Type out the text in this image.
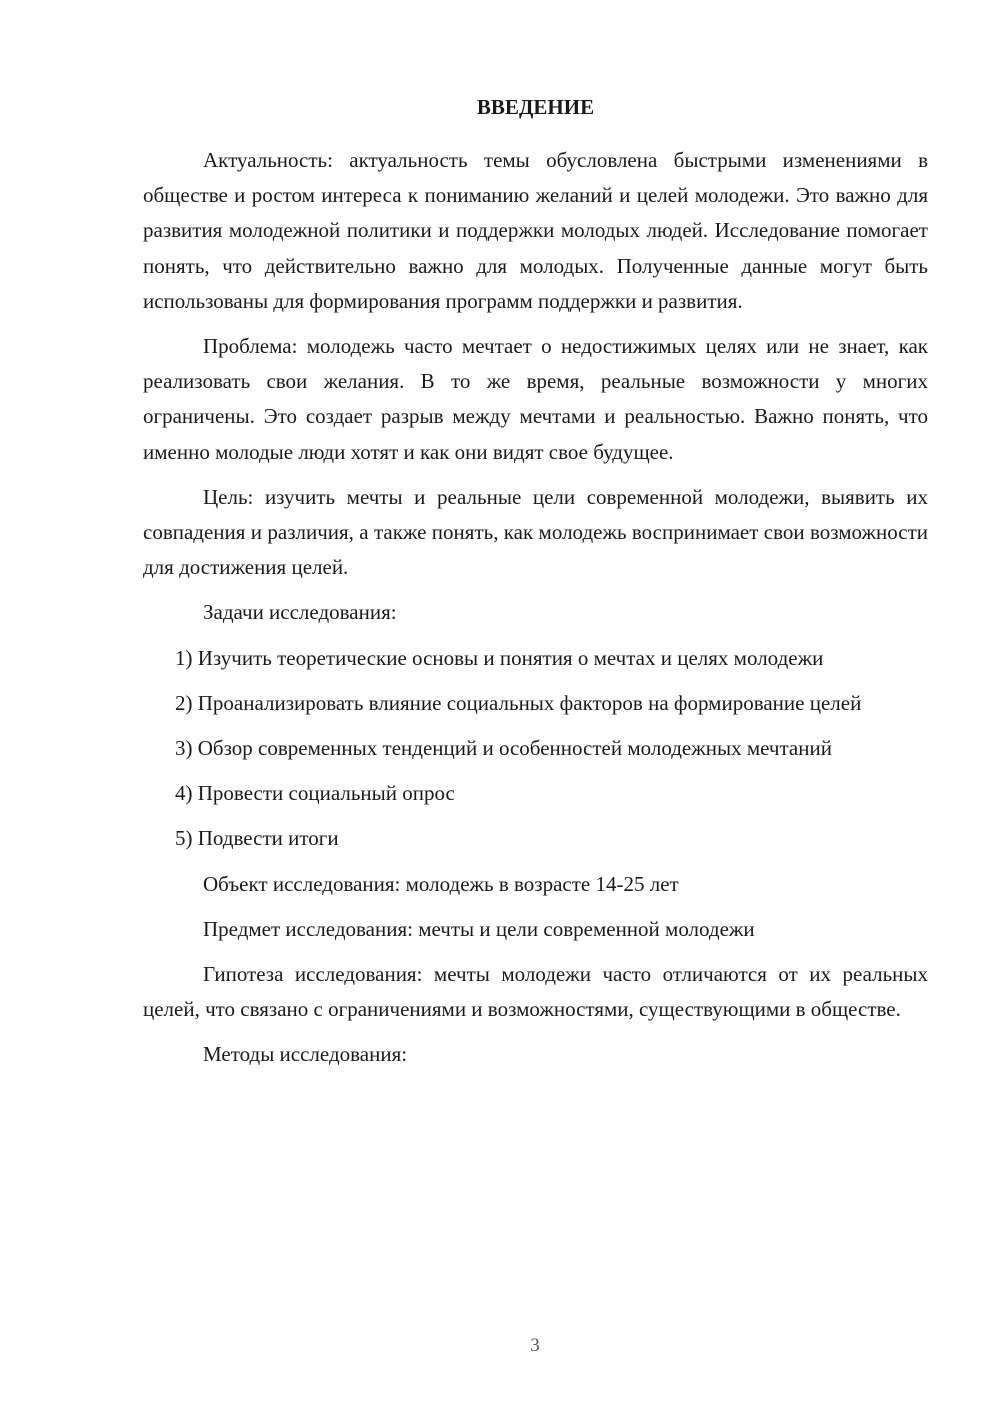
ВВЕДЕНИЕ

Актуальность: актуальность темы обусловлена быстрыми изменениями в обществе и ростом интереса к пониманию желаний и целей молодежи. Это важно для развития молодежной политики и поддержки молодых людей. Исследование помогает понять, что действительно важно для молодых. Полученные данные могут быть использованы для формирования программ поддержки и развития.

Проблема: молодежь часто мечтает о недостижимых целях или не знает, как реализовать свои желания. В то же время, реальные возможности у многих ограничены. Это создает разрыв между мечтами и реальностью. Важно понять, что именно молодые люди хотят и как они видят свое будущее.

Цель: изучить мечты и реальные цели современной молодежи, выявить их совпадения и различия, а также понять, как молодежь воспринимает свои возможности для достижения целей.

Задачи исследования:

1) Изучить теоретические основы и понятия о мечтах и целях молодежи

2) Проанализировать влияние социальных факторов на формирование целей

3) Обзор современных тенденций и особенностей молодежных мечтаний

4) Провести социальный опрос

5) Подвести итоги

Объект исследования: молодежь в возрасте 14-25 лет

Предмет исследования: мечты и цели современной молодежи

Гипотеза исследования: мечты молодежи часто отличаются от их реальных целей, что связано с ограничениями и возможностями, существующими в обществе.

Методы исследования:

3
